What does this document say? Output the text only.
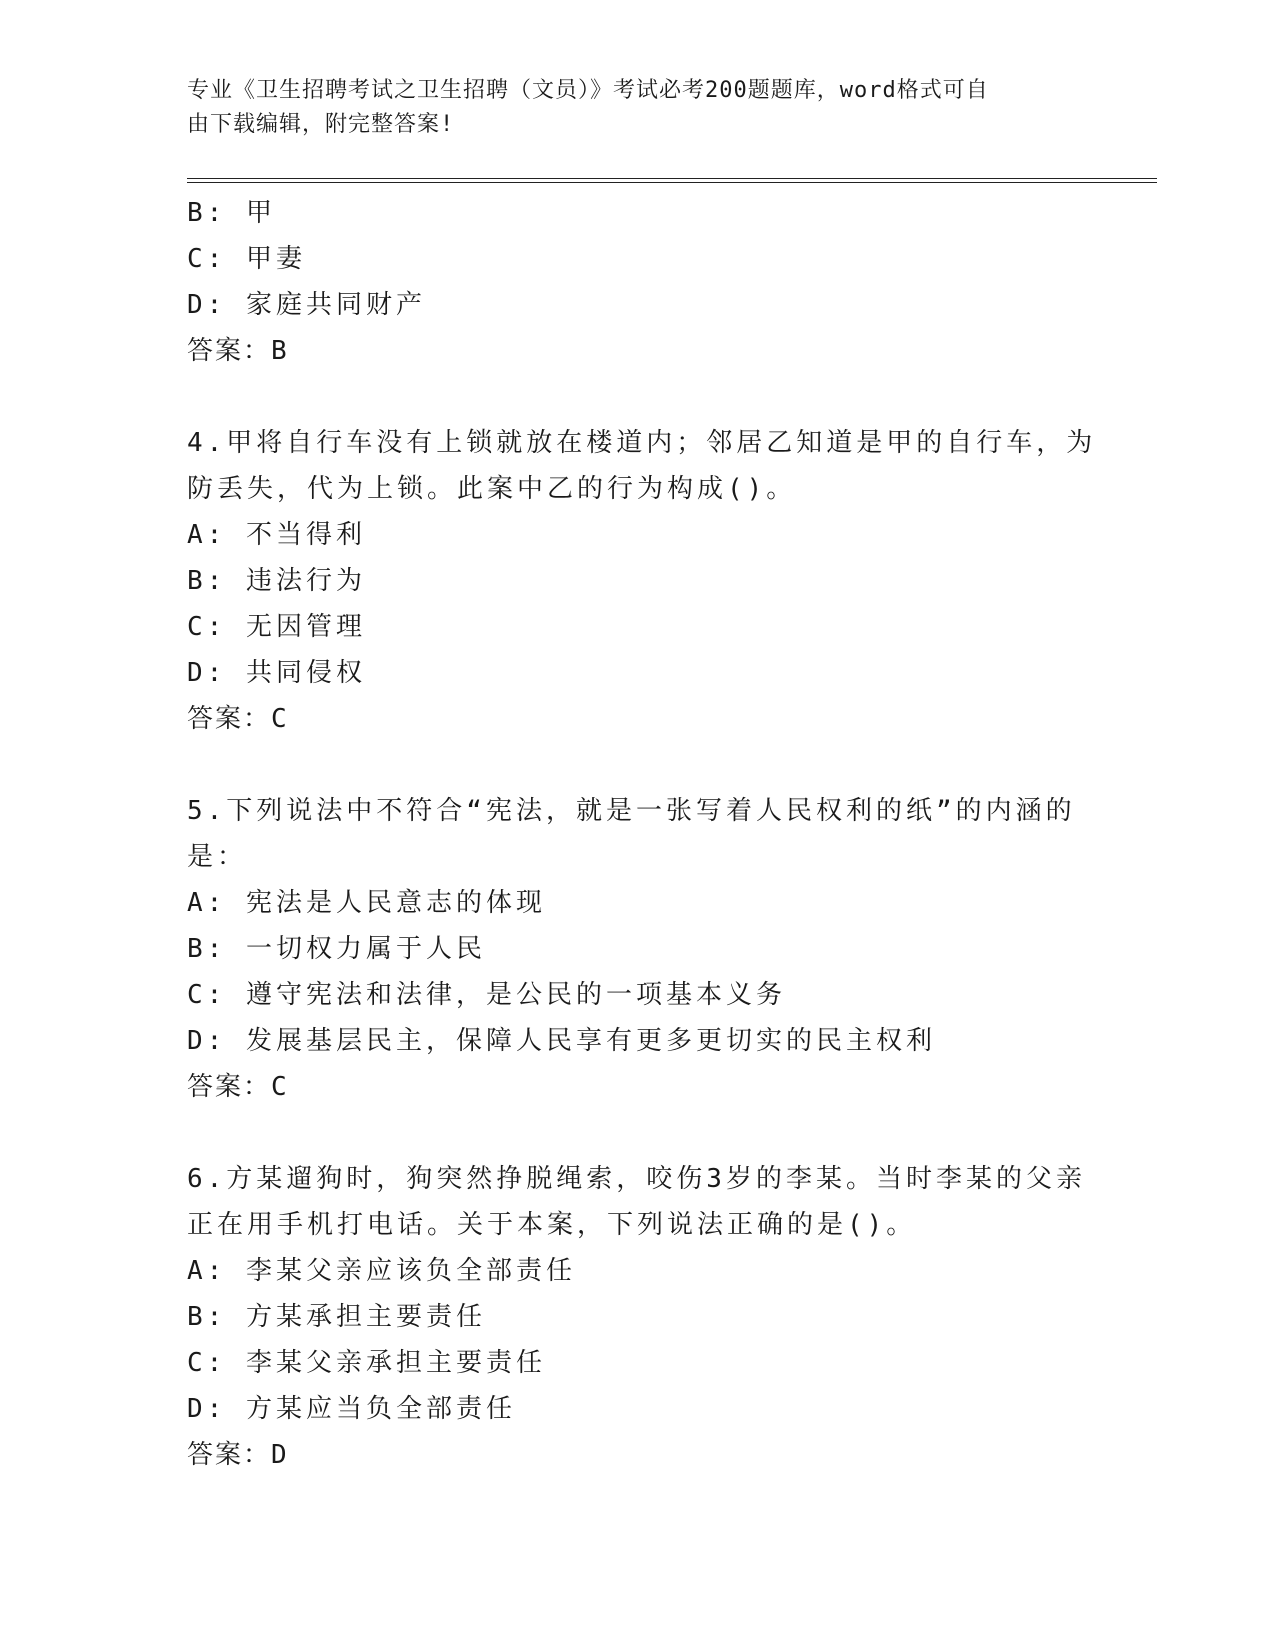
专业《卫生招聘考试之卫生招聘（文员）》考试必考200题题库，word格式可自
由下载编辑，附完整答案!
B: 甲
C: 甲妻
D: 家庭共同财产
答案：B
4.甲将自行车没有上锁就放在楼道内；邻居乙知道是甲的自行车，为
防丢失，代为上锁。此案中乙的行为构成()。
A: 不当得利
B: 违法行为
C: 无因管理
D: 共同侵权
答案：C
5.下列说法中不符合“宪法，就是一张写着人民权利的纸”的内涵的
是：
A: 宪法是人民意志的体现
B: 一切权力属于人民
C: 遵守宪法和法律，是公民的一项基本义务
D: 发展基层民主，保障人民享有更多更切实的民主权利
答案：C
6.方某遛狗时，狗突然挣脱绳索，咬伤3岁的李某。当时李某的父亲
正在用手机打电话。关于本案，下列说法正确的是()。
A: 李某父亲应该负全部责任
B: 方某承担主要责任
C: 李某父亲承担主要责任
D: 方某应当负全部责任
答案：D
